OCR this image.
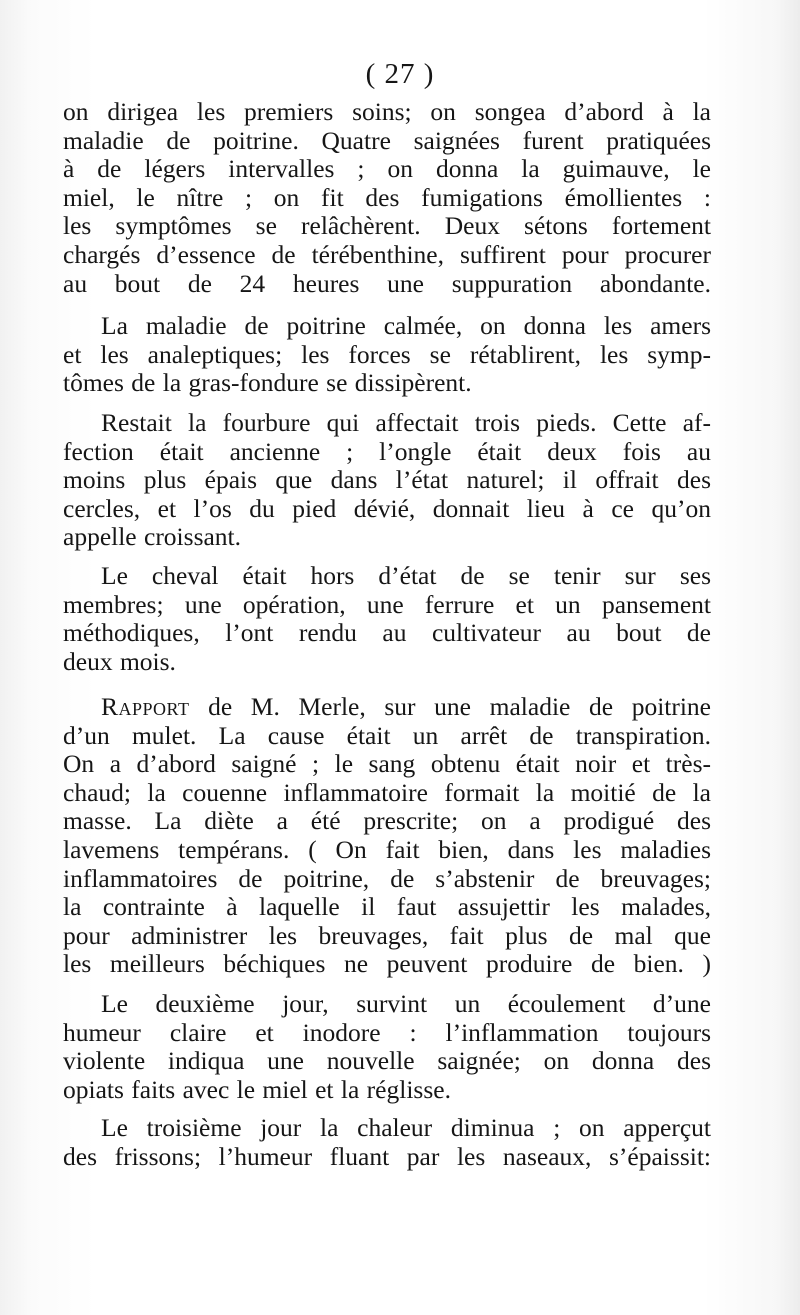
( 27 )
on dirigea les premiers soins; on songea d’abord à la
maladie de poitrine. Quatre saignées furent pratiquées
à de légers intervalles ; on donna la guimauve, le
miel, le nître ; on fit des fumigations émollientes :
les symptômes se relâchèrent. Deux sétons fortement
chargés d’essence de térébenthine, suffirent pour procurer
au bout de 24 heures une suppuration abondante.
La maladie de poitrine calmée, on donna les amers
et les analeptiques; les forces se rétablirent, les symp-
tômes de la gras-fondure se dissipèrent.
Restait la fourbure qui affectait trois pieds. Cette af-
fection était ancienne ; l’ongle était deux fois au
moins plus épais que dans l’état naturel; il offrait des
cercles, et l’os du pied dévié, donnait lieu à ce qu’on
appelle croissant.
Le cheval était hors d’état de se tenir sur ses
membres; une opération, une ferrure et un pansement
méthodiques, l’ont rendu au cultivateur au bout de
deux mois.
Rapport de M. Merle, sur une maladie de poitrine
d’un mulet. La cause était un arrêt de transpiration.
On a d’abord saigné ; le sang obtenu était noir et très-
chaud; la couenne inflammatoire formait la moitié de la
masse. La diète a été prescrite; on a prodigué des
lavemens tempérans. ( On fait bien, dans les maladies
inflammatoires de poitrine, de s’abstenir de breuvages;
la contrainte à laquelle il faut assujettir les malades,
pour administrer les breuvages, fait plus de mal que
les meilleurs béchiques ne peuvent produire de bien. )
Le deuxième jour, survint un écoulement d’une
humeur claire et inodore : l’inflammation toujours
violente indiqua une nouvelle saignée; on donna des
opiats faits avec le miel et la réglisse.
Le troisième jour la chaleur diminua ; on apperçut
des frissons; l’humeur fluant par les naseaux, s’épaissit:
